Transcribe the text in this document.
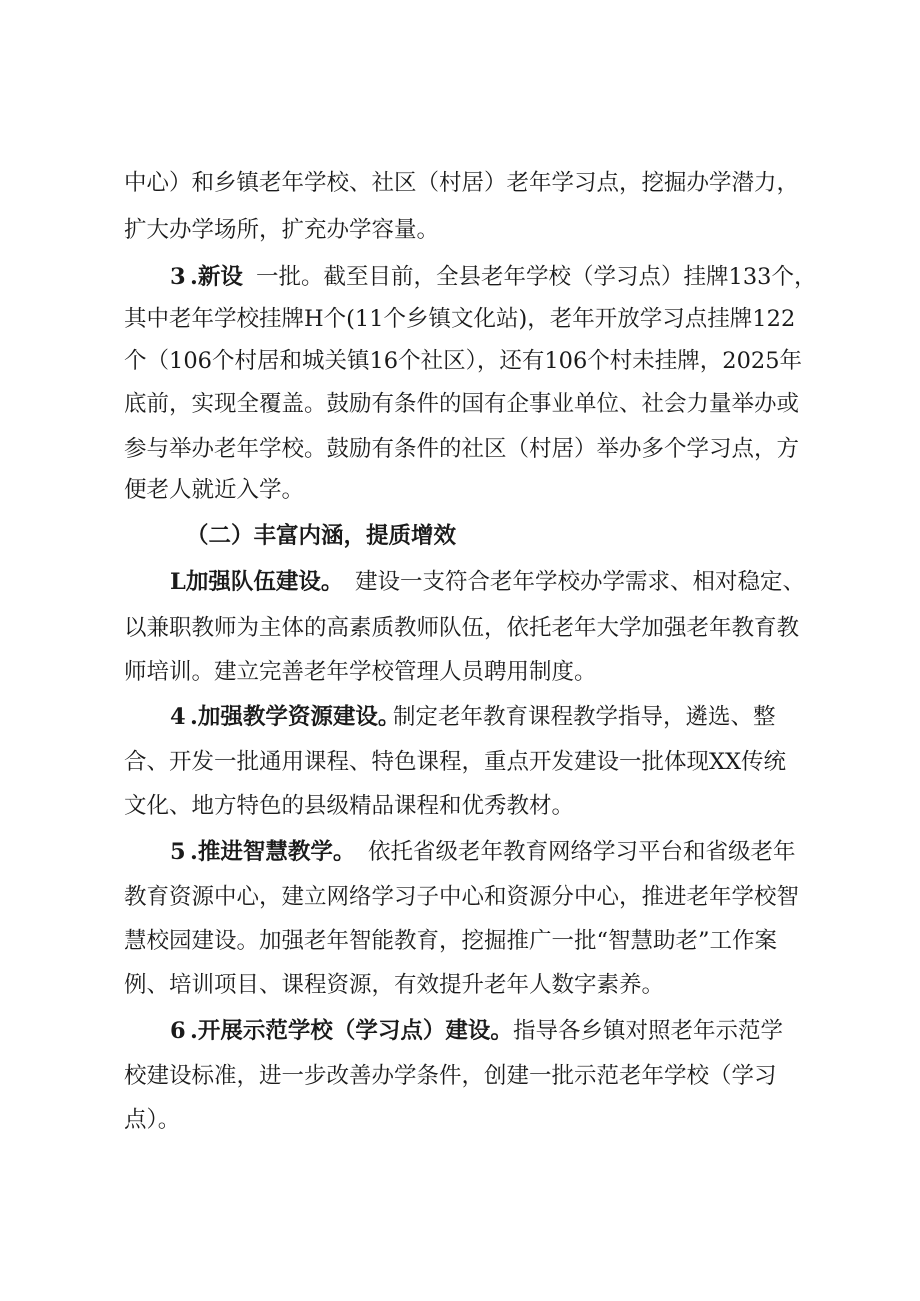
中心）和乡镇老年学校、社区（村居）老年学习点，挖掘办学潜力，
扩大办学场所，扩充办学容量。
3 .新设 一批。截至目前，全县老年学校（学习点）挂牌133个，
其中老年学校挂牌H个(11个乡镇文化站)，老年开放学习点挂牌122
个（106个村居和城关镇16个社区），还有106个村未挂牌，2025年
底前，实现全覆盖。鼓励有条件的国有企事业单位、社会力量举办或
参与举办老年学校。鼓励有条件的社区（村居）举办多个学习点，方
便老人就近入学。
（二）丰富内涵，提质增效
L加强队伍建设。 建设一支符合老年学校办学需求、相对稳定、
以兼职教师为主体的高素质教师队伍，依托老年大学加强老年教育教
师培训。建立完善老年学校管理人员聘用制度。
4 .加强教学资源建设。
制定老年教育课程教学指导，遴选、整
合、开发一批通用课程、特色课程，重点开发建设一批体现XX传统
文化、地方特色的县级精品课程和优秀教材。
5 .推进智慧教学。 依托省级老年教育网络学习平台和省级老年
教育资源中心，建立网络学习子中心和资源分中心，推进老年学校智
慧校园建设。加强老年智能教育，挖掘推广一批“智慧助老”工作案
例、培训项目、课程资源，有效提升老年人数字素养。
6 .开展示范学校（学习点）建设。 指导各乡镇对照老年示范学
校建设标准，进一步改善办学条件，创建一批示范老年学校（学习
点）。
